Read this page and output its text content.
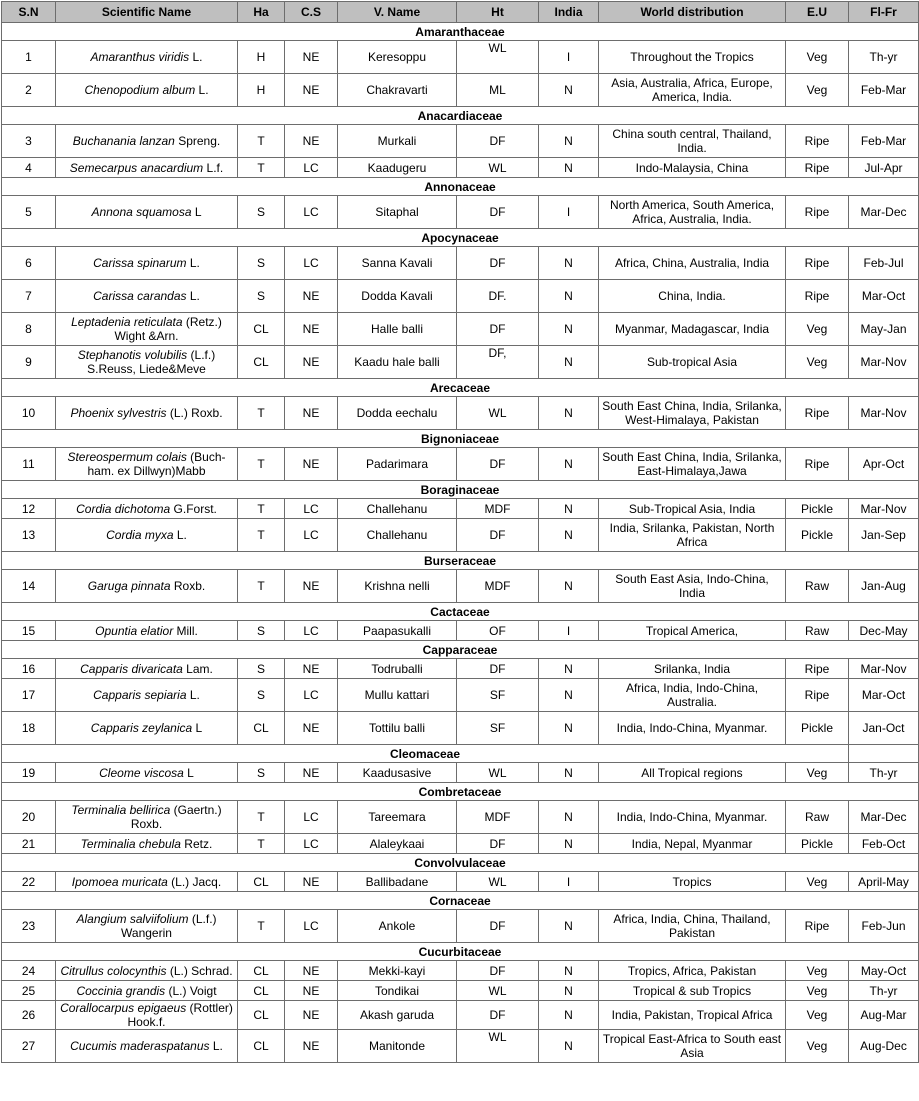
S.N	Scientific Name	Ha	C.S	V. Name	Ht	India	World distribution	E.U	Fl-Fr
Amaranthaceae									
1	Amaranthus viridis L.	H	NE	Keresoppu	WL	I	Throughout the Tropics	Veg	Th-yr
2	Chenopodium album L.	H	NE	Chakravarti	ML	N	Asia, Australia, Africa, Europe, America, India.	Veg	Feb-Mar
Anacardiaceae									
3	Buchanania lanzan Spreng.	T	NE	Murkali	DF	N	China south central, Thailand, India.	Ripe	Feb-Mar
4	Semecarpus anacardium L.f.	T	LC	Kaadugeru	WL	N	Indo-Malaysia, China	Ripe	Jul-Apr
Annonaceae									
5	Annona squamosa L	S	LC	Sitaphal	DF	I	North America, South America, Africa, Australia, India.	Ripe	Mar-Dec
Apocynaceae									
6	Carissa spinarum L.	S	LC	Sanna Kavali	DF	N	Africa, China, Australia, India	Ripe	Feb-Jul
7	Carissa carandas L.	S	NE	Dodda Kavali	DF.	N	China, India.	Ripe	Mar-Oct
8	Leptadenia reticulata (Retz.) Wight &Arn.	CL	NE	Halle balli	DF	N	Myanmar, Madagascar, India	Veg	May-Jan
9	Stephanotis volubilis (L.f.) S.Reuss, Liede&Meve	CL	NE	Kaadu hale balli	DF,	N	Sub-tropical Asia	Veg	Mar-Nov
Arecaceae									
10	Phoenix sylvestris (L.) Roxb.	T	NE	Dodda eechalu	WL	N	South East China, India, Srilanka, West-Himalaya, Pakistan	Ripe	Mar-Nov
Bignoniaceae									
11	Stereospermum colais (Buch-ham. ex Dillwyn)Mabb	T	NE	Padarimara	DF	N	South East China, India, Srilanka, East-Himalaya,Jawa	Ripe	Apr-Oct
Boraginaceae									
12	Cordia dichotoma G.Forst.	T	LC	Challehanu	MDF	N	Sub-Tropical Asia, India	Pickle	Mar-Nov
13	Cordia myxa L.	T	LC	Challehanu	DF	N	India, Srilanka, Pakistan, North Africa	Pickle	Jan-Sep
Burseraceae									
14	Garuga pinnata Roxb.	T	NE	Krishna nelli	MDF	N	South East Asia, Indo-China, India	Raw	Jan-Aug
Cactaceae									
15	Opuntia elatior Mill.	S	LC	Paapasukalli	OF	I	Tropical America,	Raw	Dec-May
Capparaceae									
16	Capparis divaricata Lam.	S	NE	Todruballi	DF	N	Srilanka, India	Ripe	Mar-Nov
17	Capparis sepiaria L.	S	LC	Mullu kattari	SF	N	Africa, India, Indo-China, Australia.	Ripe	Mar-Oct
18	Capparis zeylanica L	CL	NE	Tottilu balli	SF	N	India, Indo-China, Myanmar.	Pickle	Jan-Oct
Cleomaceae									
19	Cleome viscosa L	S	NE	Kaadusasive	WL	N	All Tropical regions	Veg	Th-yr
Combretaceae									
20	Terminalia bellirica (Gaertn.) Roxb.	T	LC	Tareemara	MDF	N	India, Indo-China, Myanmar.	Raw	Mar-Dec
21	Terminalia chebula Retz.	T	LC	Alaleykaai	DF	N	India, Nepal, Myanmar	Pickle	Feb-Oct
Convolvulaceae									
22	Ipomoea muricata (L.) Jacq.	CL	NE	Ballibadane	WL	I	Tropics	Veg	April-May
Cornaceae									
23	Alangium salviifolium (L.f.) Wangerin	T	LC	Ankole	DF	N	Africa, India, China, Thailand, Pakistan	Ripe	Feb-Jun
Cucurbitaceae									
24	Citrullus colocynthis (L.) Schrad.	CL	NE	Mekki-kayi	DF	N	Tropics, Africa, Pakistan	Veg	May-Oct
25	Coccinia grandis (L.) Voigt	CL	NE	Tondikai	WL	N	Tropical & sub Tropics	Veg	Th-yr
26	Corallocarpus epigaeus (Rottler) Hook.f.	CL	NE	Akash garuda	DF	N	India, Pakistan, Tropical Africa	Veg	Aug-Mar
27	Cucumis maderaspatanus L.	CL	NE	Manitonde	WL	N	Tropical East-Africa to South east Asia	Veg	Aug-Dec
